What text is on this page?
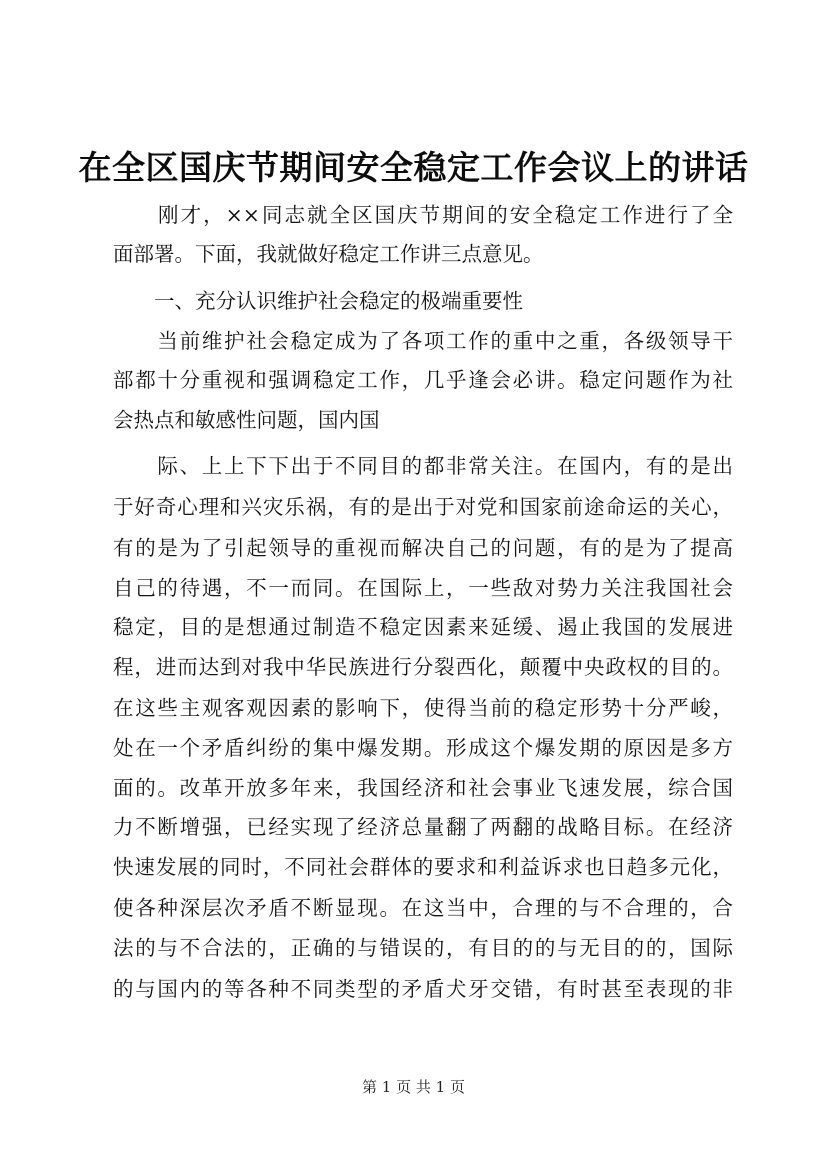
在全区国庆节期间安全稳定工作会议上的讲话
　　刚才，××同志就全区国庆节期间的安全稳定工作进行了全
面部署。下面，我就做好稳定工作讲三点意见。
　　一、充分认识维护社会稳定的极端重要性
　　当前维护社会稳定成为了各项工作的重中之重，各级领导干
部都十分重视和强调稳定工作，几乎逢会必讲。稳定问题作为社
会热点和敏感性问题，国内国
　　际、上上下下出于不同目的都非常关注。在国内，有的是出
于好奇心理和兴灾乐祸，有的是出于对党和国家前途命运的关心，
有的是为了引起领导的重视而解决自己的问题，有的是为了提高
自己的待遇，不一而同。在国际上，一些敌对势力关注我国社会
稳定，目的是想通过制造不稳定因素来延缓、遏止我国的发展进
程，进而达到对我中华民族进行分裂西化，颠覆中央政权的目的。
在这些主观客观因素的影响下，使得当前的稳定形势十分严峻，
处在一个矛盾纠纷的集中爆发期。形成这个爆发期的原因是多方
面的。改革开放多年来，我国经济和社会事业飞速发展，综合国
力不断增强，已经实现了经济总量翻了两翻的战略目标。在经济
快速发展的同时，不同社会群体的要求和利益诉求也日趋多元化，
使各种深层次矛盾不断显现。在这当中，合理的与不合理的，合
法的与不合法的，正确的与错误的，有目的的与无目的的，国际
的与国内的等各种不同类型的矛盾犬牙交错，有时甚至表现的非
第 1 页 共 1 页
